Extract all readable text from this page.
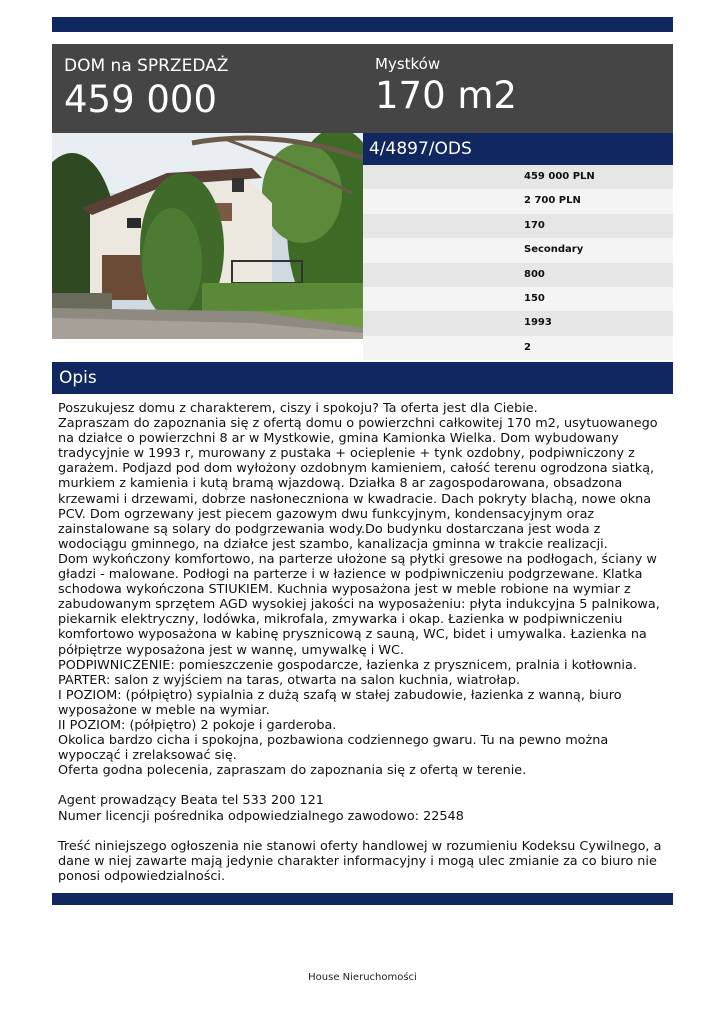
DOM na SPRZEDAŻ
459 000
Mystków
170 m2
4/4897/ODS
459 000 PLN
2 700 PLN
170
Secondary
800
150
1993
2
Opis

Poszukujesz domu z charakterem, ciszy i spokoju? Ta oferta jest dla Ciebie.

Zapraszam do zapoznania się z ofertą domu o powierzchni całkowitej 170 m2, usytuowanego na działce o powierzchni 8 ar w Mystkowie, gmina Kamionka Wielka. Dom wybudowany tradycyjnie w 1993 r, murowany z pustaka + ocieplenie + tynk ozdobny, podpiwniczony z garażem. Podjazd pod dom wyłożony ozdobnym kamieniem, całość terenu ogrodzona siatką, murkiem z kamienia i kutą bramą wjazdową. Działka 8 ar zagospodarowana, obsadzona krzewami i drzewami, dobrze nasłoneczniona w kwadracie. Dach pokryty blachą, nowe okna PCV. Dom ogrzewany jest piecem gazowym dwu funkcyjnym, kondensacyjnym oraz zainstalowane są solary do podgrzewania wody.Do budynku dostarczana jest woda z wodociągu gminnego, na działce jest szambo, kanalizacja gminna w trakcie realizacji.

Dom wykończony komfortowo, na parterze ułożone są płytki gresowe na podłogach, ściany w gładzi - malowane. Podłogi na parterze i w łazience w podpiwniczeniu podgrzewane. Klatka schodowa wykończona STIUKIEM. Kuchnia wyposażona jest w meble robione na wymiar z zabudowanym sprzętem AGD wysokiej jakości na wyposażeniu: płyta indukcyjna 5 palnikowa, piekarnik elektryczny, lodówka, mikrofala, zmywarka i okap. Łazienka w podpiwniczeniu komfortowo wyposażona w kabinę prysznicową z sauną, WC, bidet i umywalka. Łazienka na półpiętrze wyposażona jest w wannę, umywalkę i WC.

PODPIWNICZENIE: pomieszczenie gospodarcze, łazienka z prysznicem, pralnia i kotłownia.

PARTER: salon z wyjściem na taras, otwarta na salon kuchnia, wiatrołap.

I POZIOM: (półpiętro) sypialnia z dużą szafą w stałej zabudowie, łazienka z wanną, biuro wyposażone w meble na wymiar.

II POZIOM: (półpiętro) 2 pokoje i garderoba.

Okolica bardzo cicha i spokojna, pozbawiona codziennego gwaru. Tu na pewno można wypocząć i zrelaksować się.

Oferta godna polecenia, zapraszam do zapoznania się z ofertą w terenie.

Agent prowadzący Beata tel 533 200 121

Numer licencji pośrednika odpowiedzialnego zawodowo: 22548

Treść niniejszego ogłoszenia nie stanowi oferty handlowej w rozumieniu Kodeksu Cywilnego, a dane w niej zawarte mają jedynie charakter informacyjny i mogą ulec zmianie za co biuro nie ponosi odpowiedzialności.

House Nieruchomości
